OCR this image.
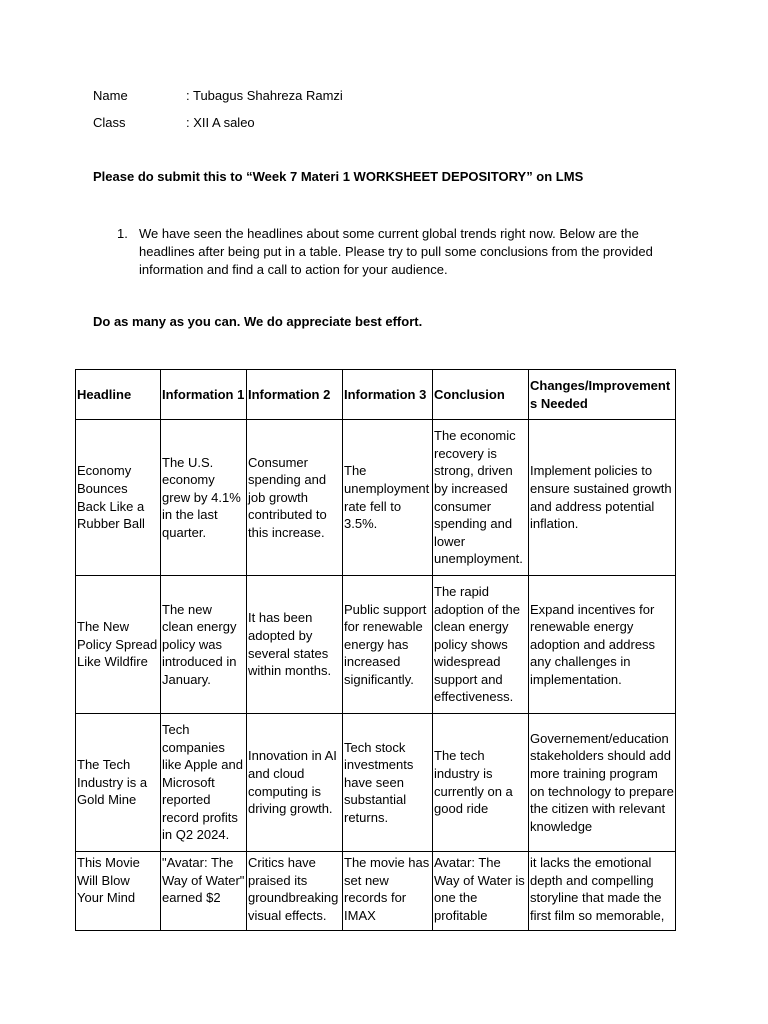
Name	: Tubagus Shahreza Ramzi
Class	: XII A saleo
Please do submit this to “Week 7 Materi 1 WORKSHEET DEPOSITORY” on LMS
1. We have seen the headlines about some current global trends right now. Below are the headlines after being put in a table. Please try to pull some conclusions from the provided information and find a call to action for your audience.
Do as many as you can. We do appreciate best effort.
Headline	Information 1	Information 2	Information 3	Conclusion	Changes/Improvements Needed
Economy Bounces Back Like a Rubber Ball	The U.S. economy grew by 4.1% in the last quarter.	Consumer spending and job growth contributed to this increase.	The unemployment rate fell to 3.5%.	The economic recovery is strong, driven by increased consumer spending and lower unemployment.	Implement policies to ensure sustained growth and address potential inflation.
The New Policy Spread Like Wildfire	The new clean energy policy was introduced in January.	It has been adopted by several states within months.	Public support for renewable energy has increased significantly.	The rapid adoption of the clean energy policy shows widespread support and effectiveness.	Expand incentives for renewable energy adoption and address any challenges in implementation.
The Tech Industry is a Gold Mine	Tech companies like Apple and Microsoft reported record profits in Q2 2024.	Innovation in AI and cloud computing is driving growth.	Tech stock investments have seen substantial returns.	The tech industry is currently on a good ride	Governement/education stakeholders should add more training program on technology to prepare the citizen with relevant knowledge
This Movie Will Blow Your Mind	"Avatar: The Way of Water" earned $2	Critics have praised its groundbreaking visual effects.	The movie has set new records for IMAX	Avatar: The Way of Water is one the profitable	it lacks the emotional depth and compelling storyline that made the first film so memorable,
